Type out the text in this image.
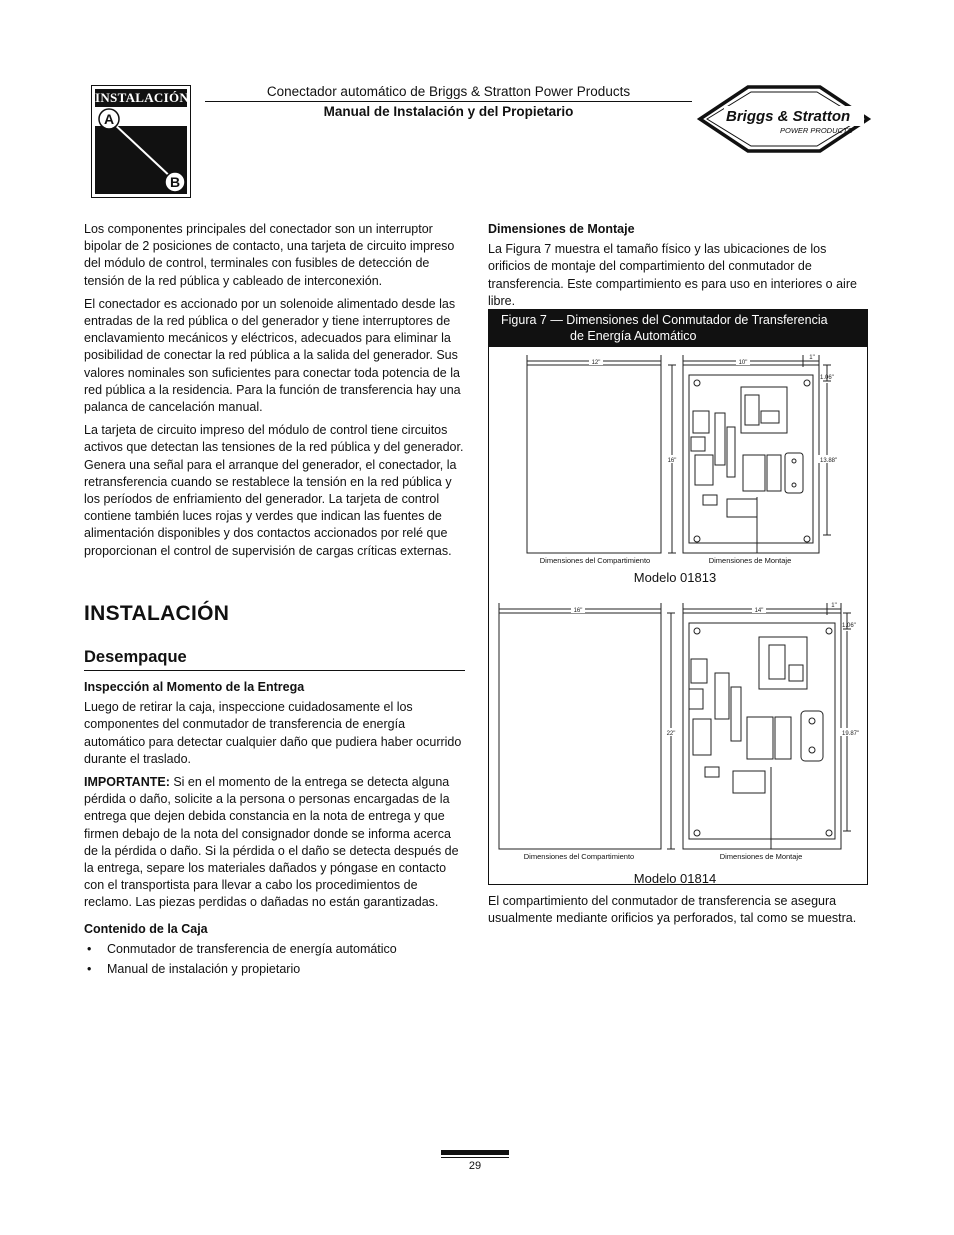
INSTALACIÓN
A
B
Conectador automático de Briggs & Stratton Power Products
Manual de Instalación y del Propietario	Briggs & Stratton
POWER PRODUCTS

Los componentes principales del conectador son un interruptor bipolar de 2 posiciones de contacto, una tarjeta de circuito impreso del módulo de control, terminales con fusibles de detección de tensión de la red pública y cableado de interconexión.

El conectador es accionado por un solenoide alimentado desde las entradas de la red pública o del generador y tiene interruptores de enclavamiento mecánicos y eléctricos, adecuados para eliminar la posibilidad de conectar la red pública a la salida del generador. Sus valores nominales son suficientes para conectar toda potencia de la red pública a la residencia. Para la función de transferencia hay una palanca de cancelación manual.

La tarjeta de circuito impreso del módulo de control tiene circuitos activos que detectan las tensiones de la red pública y del generador. Genera una señal para el arranque del generador, el conectador, la retransferencia cuando se restablece la tensión en la red pública y los períodos de enfriamiento del generador. La tarjeta de control contiene también luces rojas y verdes que indican las fuentes de alimentación disponibles y dos contactos accionados por relé que proporcionan el control de supervisión de cargas críticas externas.

INSTALACIÓN
Desempaque
Inspección al Momento de la Entrega

Luego de retirar la caja, inspeccione cuidadosamente el los componentes del conmutador de transferencia de energía automático para detectar cualquier daño que pudiera haber ocurrido durante el traslado.

IMPORTANTE: Si en el momento de la entrega se detecta alguna pérdida o daño, solicite a la persona o personas encargadas de la entrega que dejen debida constancia en la nota de entrega y que firmen debajo de la nota del consignador donde se informa acerca de la pérdida o daño. Si la pérdida o el daño se detecta después de la entrega, separe los materiales dañados y póngase en contacto con el transportista para llevar a cabo los procedimientos de reclamo. Las piezas perdidas o dañadas no están garantizadas.

Contenido de la Caja
• Conmutador de transferencia de energía automático
• Manual de instalación y propietario
Dimensiones de Montaje

La Figura 7 muestra el tamaño físico y las ubicaciones de los orificios de montaje del compartimiento del conmutador de transferencia. Este compartimiento es para uso en interiores o aire libre.

Figura 7 — Dimensiones del Conmutador de Transferencia
de Energía Automático
12"
16"
10"
1"
1.06"
13.88"
Dimensiones del Compartimiento	Dimensiones de Montaje
Modelo 01813
16"
22"
14"
1"
1.06"
19.87"
Dimensiones del Compartimiento	Dimensiones de Montaje
Modelo 01814

El compartimiento del conmutador de transferencia se asegura usualmente mediante orificios ya perforados, tal como se muestra.

29
